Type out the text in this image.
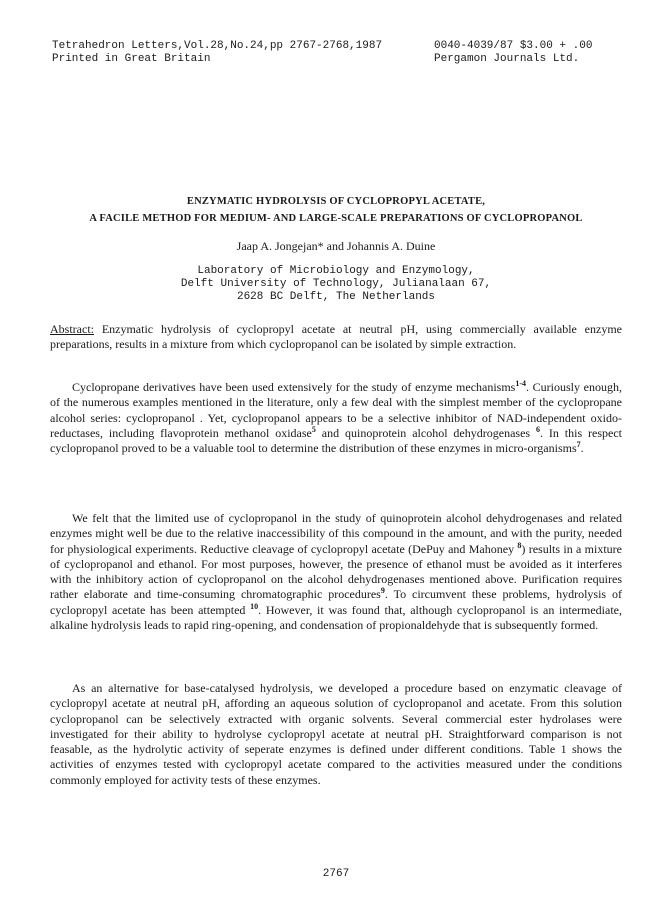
Tetrahedron Letters,Vol.28,No.24,pp 2767-2768,1987
Printed in Great Britain
0040-4039/87 $3.00 + .00
Pergamon Journals Ltd.
ENZYMATIC HYDROLYSIS OF CYCLOPROPYL ACETATE,
A FACILE METHOD FOR MEDIUM- AND LARGE-SCALE PREPARATIONS OF CYCLOPROPANOL
Jaap A. Jongejan* and Johannis A. Duine
Laboratory of Microbiology and Enzymology,
Delft University of Technology, Julianalaan 67,
2628 BC Delft, The Netherlands

Abstract: Enzymatic hydrolysis of cyclopropyl acetate at neutral pH, using commercially available enzyme preparations, results in a mixture from which cyclopropanol can be isolated by simple extraction.

Cyclopropane derivatives have been used extensively for the study of enzyme mechanisms$^{1-4}$. Curiously enough, of the numerous examples mentioned in the literature, only a few deal with the simplest member of the cyclopropane alcohol series: cyclopropanol . Yet, cyclopropanol appears to be a selective inhibitor of NAD-independent oxido-reductases, including flavoprotein methanol oxidase$^5$ and quinoprotein alcohol dehydrogenases $^6$. In this respect cyclopropanol proved to be a valuable tool to determine the distribution of these enzymes in micro-organisms$^7$.

We felt that the limited use of cyclopropanol in the study of quinoprotein alcohol dehydrogenases and related enzymes might well be due to the relative inaccessibility of this compound in the amount, and with the purity, needed for physiological experiments. Reductive cleavage of cyclopropyl acetate (DePuy and Mahoney $^8$) results in a mixture of cyclopropanol and ethanol. For most purposes, however, the presence of ethanol must be avoided as it interferes with the inhibitory action of cyclopropanol on the alcohol dehydrogenases mentioned above. Purification requires rather elaborate and time-consuming chromatographic procedures$^9$. To circumvent these problems, hydrolysis of cyclopropyl acetate has been attempted $^{10}$. However, it was found that, although cyclopropanol is an intermediate, alkaline hydrolysis leads to rapid ring-opening, and condensation of propionaldehyde that is subsequently formed.

As an alternative for base-catalysed hydrolysis, we developed a procedure based on enzymatic cleavage of cyclopropyl acetate at neutral pH, affording an aqueous solution of cyclopropanol and acetate. From this solution cyclopropanol can be selectively extracted with organic solvents. Several commercial ester hydrolases were investigated for their ability to hydrolyse cyclopropyl acetate at neutral pH. Straightforward comparison is not feasable, as the hydrolytic activity of seperate enzymes is defined under different conditions. Table 1 shows the activities of enzymes tested with cyclopropyl acetate compared to the activities measured under the conditions commonly employed for activity tests of these enzymes.

2767
